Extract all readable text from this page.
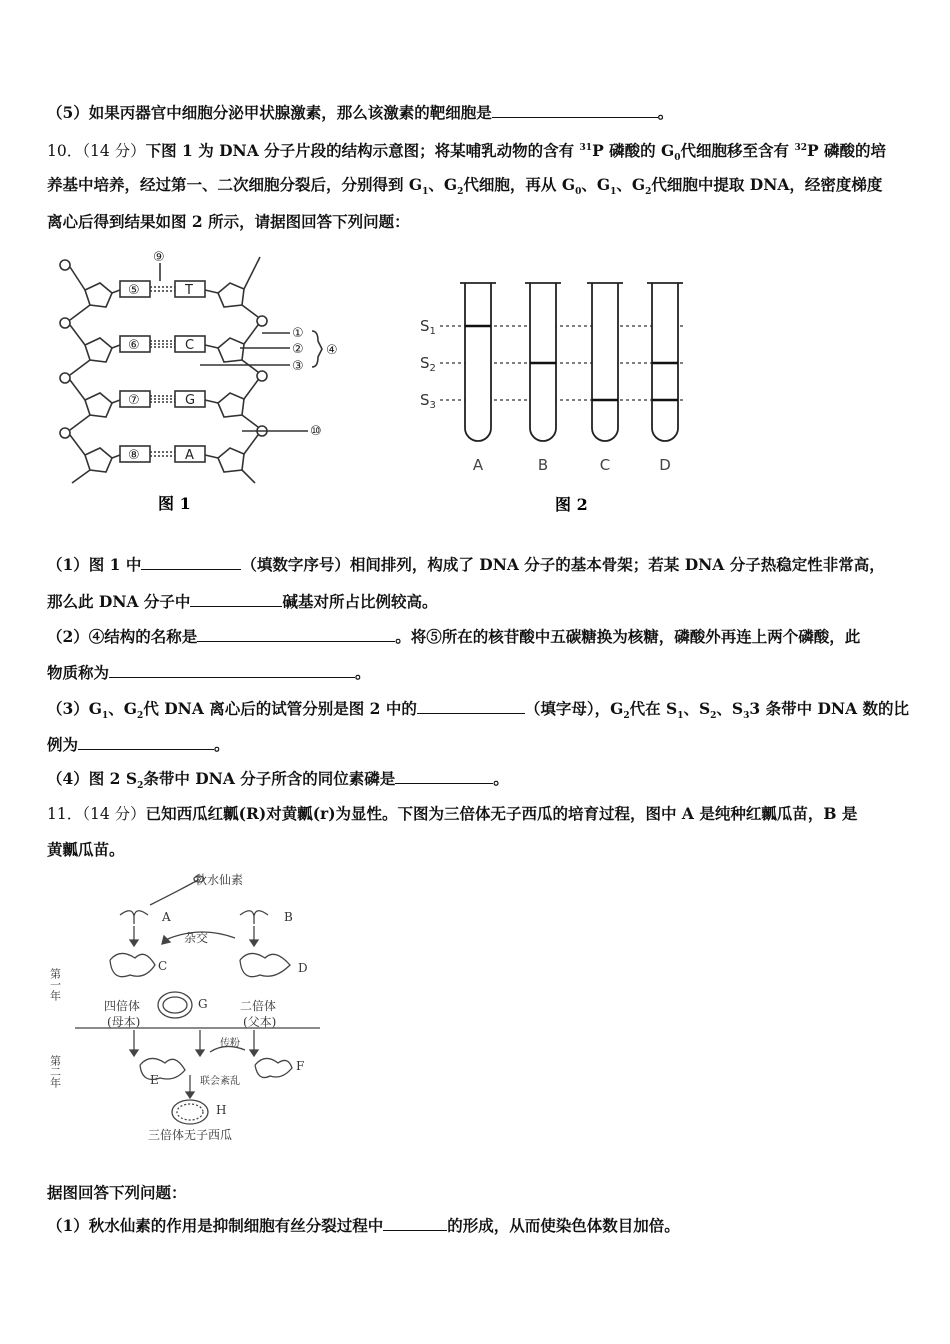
（5）如果丙器官中细胞分泌甲状腺激素，那么该激素的靶细胞是	。
10．（14 分）下图 1 为 DNA 分子片段的结构示意图；将某哺乳动物的含有 $^{31}$P 磷酸的 $G_0$代细胞移至含有 $^{32}$P 磷酸的培
养基中培养，经过第一、二次细胞分裂后，分别得到 $G_1$、$G_2$代细胞，再从 $G_0$、$G_1$、$G_2$代细胞中提取 DNA，经密度梯度
离心后得到结果如图 2 所示，请据图回答下列问题：
⑤
⑥
⑦
⑧
T
C
G
A
⑨
①
②
③
④
⑩
图 1
$S_1$
$S_2$
$S_3$
A	B	C	D
图 2
（1）图 1 中	（填数字序号）相间排列，构成了 DNA 分子的基本骨架；若某 DNA 分子热稳定性非常高，
那么此 DNA 分子中	碱基对所占比例较高。
（2）④结构的名称是	。将⑤所在的核苷酸中五碳糖换为核糖，磷酸外再连上两个磷酸，此
物质称为	。
$(3)G_1$、$G_2$代 DNA 离心后的试管分别是图 2 中的	（填字母），$G_2$代在 $S_1$、$S_2$、$S_33$ 条带中 DNA 数的比
例为	。
（4）图 2 $S_2$条带中 DNA 分子所含的同位素磷是	。
11．（14 分）已知西瓜红瓤(R)对黄瓤(r)为显性。下图为三倍体无子西瓜的培育过程，图中 A 是纯种红瓤瓜苗，B 是
黄瓤瓜苗。
秋水仙素
A	B
杂交
C	D
G
四倍体
(母本)
二倍体
(父本)
传粉
E
F
联会紊乱
H
三倍体无子西瓜
第一年
第二年
据图回答下列问题：
（1）秋水仙素的作用是抑制细胞有丝分裂过程中	的形成，从而使染色体数目加倍。
